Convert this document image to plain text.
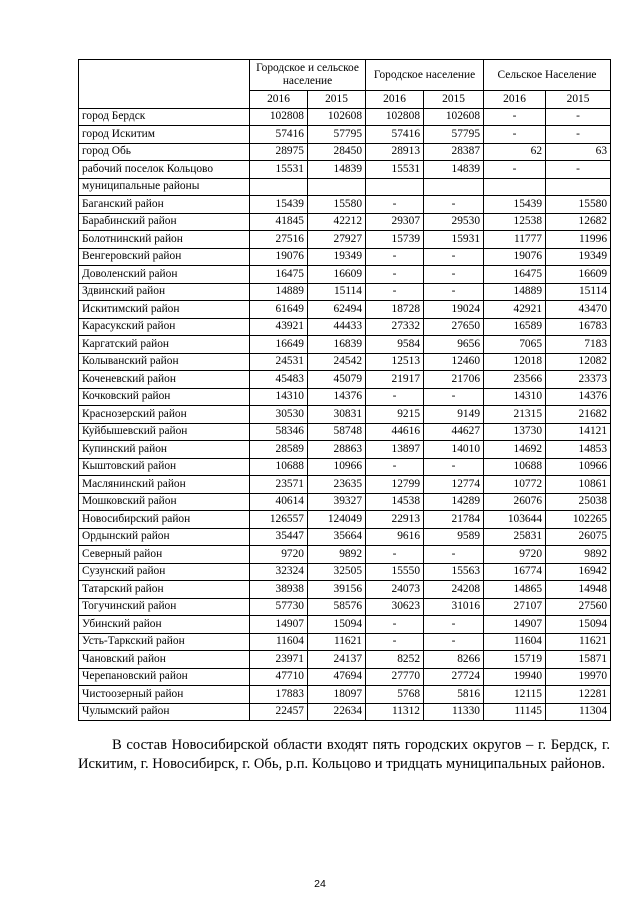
	Городское и сельское население		Городское население		Сельское Население	
	2016	2015	2016	2015	2016	2015
город Бердск	102808	102608	102808	102608	-	-
город Искитим	57416	57795	57416	57795	-	-
город Обь	28975	28450	28913	28387	62	63
рабочий поселок Кольцово	15531	14839	15531	14839	-	-
муниципальные районы						
Баганский район	15439	15580	-	-	15439	15580
Барабинский район	41845	42212	29307	29530	12538	12682
Болотнинский район	27516	27927	15739	15931	11777	11996
Венгеровский район	19076	19349	-	-	19076	19349
Доволенский район	16475	16609	-	-	16475	16609
Здвинский район	14889	15114	-	-	14889	15114
Искитимский район	61649	62494	18728	19024	42921	43470
Карасукский район	43921	44433	27332	27650	16589	16783
Каргатский район	16649	16839	9584	9656	7065	7183
Колыванский район	24531	24542	12513	12460	12018	12082
Коченевский район	45483	45079	21917	21706	23566	23373
Кочковский район	14310	14376	-	-	14310	14376
Краснозерский район	30530	30831	9215	9149	21315	21682
Куйбышевский район	58346	58748	44616	44627	13730	14121
Купинский район	28589	28863	13897	14010	14692	14853
Кыштовский район	10688	10966	-	-	10688	10966
Маслянинский район	23571	23635	12799	12774	10772	10861
Мошковский район	40614	39327	14538	14289	26076	25038
Новосибирский район	126557	124049	22913	21784	103644	102265
Ордынский район	35447	35664	9616	9589	25831	26075
Северный район	9720	9892	-	-	9720	9892
Сузунский район	32324	32505	15550	15563	16774	16942
Татарский район	38938	39156	24073	24208	14865	14948
Тогучинский район	57730	58576	30623	31016	27107	27560
Убинский район	14907	15094	-	-	14907	15094
Усть-Таркский район	11604	11621	-	-	11604	11621
Чановский район	23971	24137	8252	8266	15719	15871
Черепановский район	47710	47694	27770	27724	19940	19970
Чистоозерный район	17883	18097	5768	5816	12115	12281
Чулымский район	22457	22634	11312	11330	11145	11304

В состав Новосибирской области входят пять городских округов – г. Бердск, г. Искитим, г. Новосибирск, г. Обь, р.п. Кольцово и тридцать муниципальных районов.

24
